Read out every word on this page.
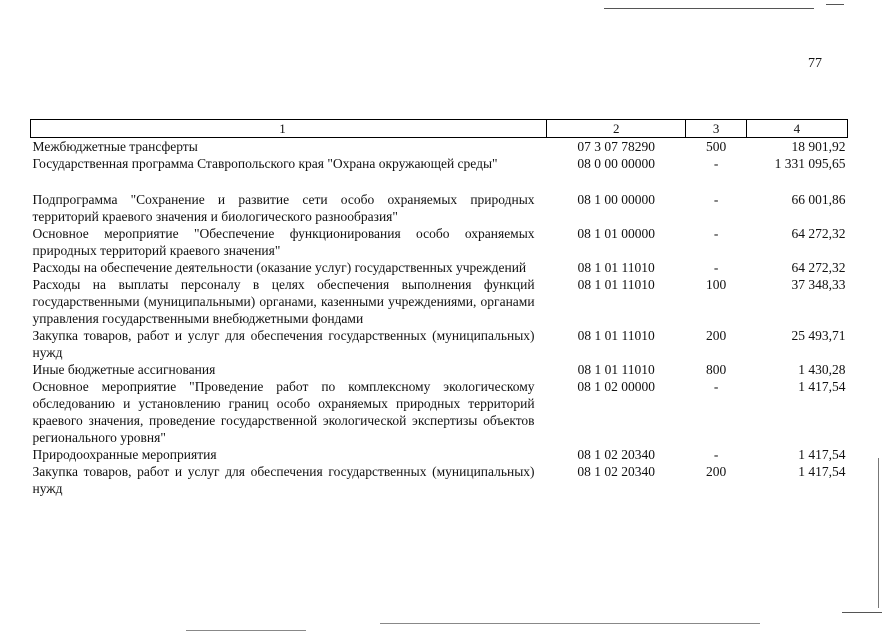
77
1	2	3	4
Межбюджетные трансферты	07 3 07 78290	500	18 901,92
Государственная программа Ставропольского края "Охрана окружающей среды"	08 0 00 00000	-	1 331 095,65
Подпрограмма "Сохранение и развитие сети особо охраняемых природных территорий краевого значения и биологического разнообразия"	08 1 00 00000	-	66 001,86
Основное мероприятие "Обеспечение функционирования особо охраняемых природных территорий краевого значения"	08 1 01 00000	-	64 272,32
Расходы на обеспечение деятельности (оказание услуг) государственных учреждений	08 1 01 11010	-	64 272,32
Расходы на выплаты персоналу в целях обеспечения выполнения функций государственными (муниципальными) органами, казенными учреждениями, органами управления государственными внебюджетными фондами	08 1 01 11010	100	37 348,33
Закупка товаров, работ и услуг для обеспечения государственных (муниципальных) нужд	08 1 01 11010	200	25 493,71
Иные бюджетные ассигнования	08 1 01 11010	800	1 430,28
Основное мероприятие "Проведение работ по комплексному экологическому обследованию и установлению границ особо охраняемых природных территорий краевого значения, проведение государственной экологической экспертизы объектов регионального уровня"	08 1 02 00000	-	1 417,54
Природоохранные мероприятия	08 1 02 20340	-	1 417,54
Закупка товаров, работ и услуг для обеспечения государственных (муниципальных) нужд	08 1 02 20340	200	1 417,54
